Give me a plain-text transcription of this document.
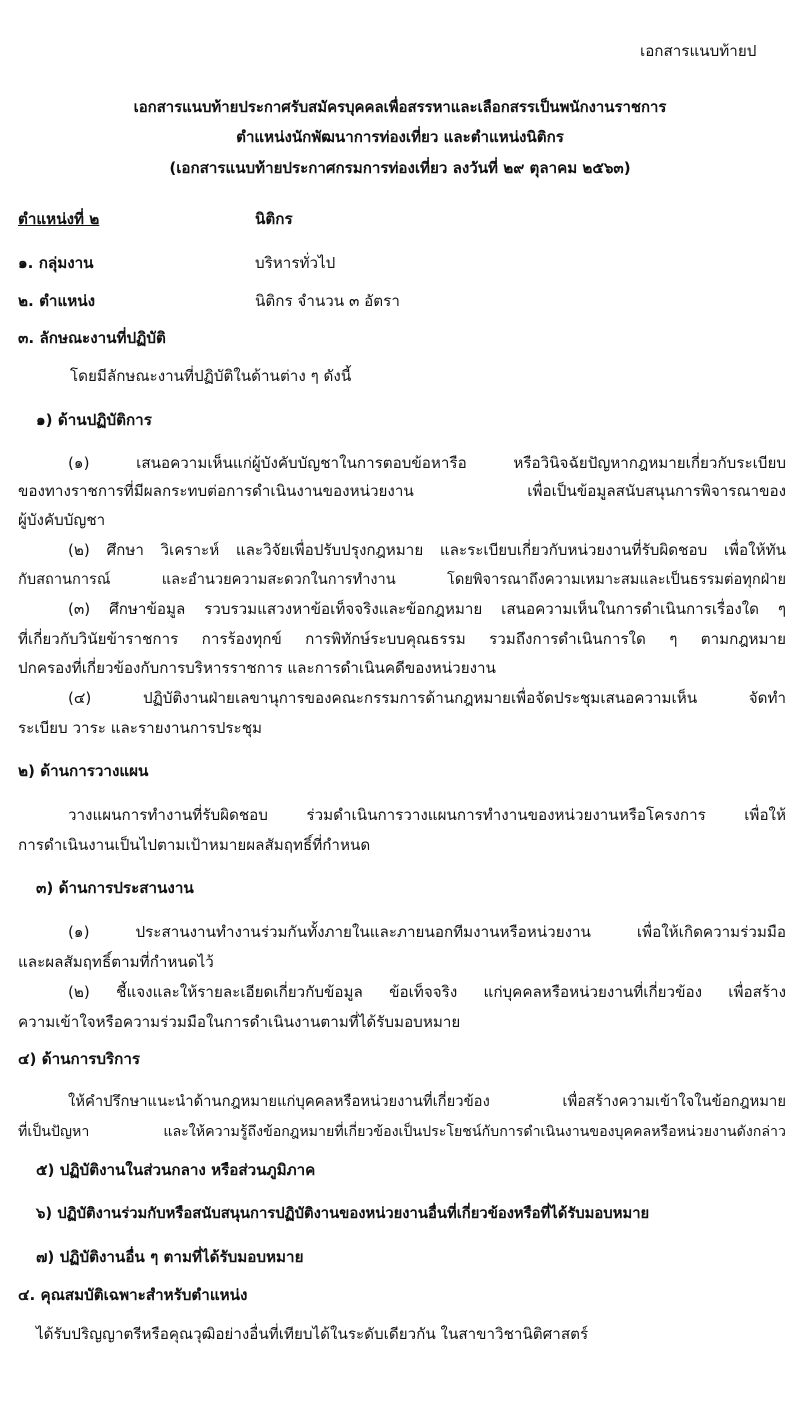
เอกสารแนบท้ายป
เอกสารแนบท้ายประกาศรับสมัครบุคคลเพื่อสรรหาและเลือกสรรเป็นพนักงานราชการ
ตำแหน่งนักพัฒนาการท่องเที่ยว และตำแหน่งนิติกร
(เอกสารแนบท้ายประกาศกรมการท่องเที่ยว ลงวันที่ ๒๙ ตุลาคม ๒๕๖๓)
ตำแหน่งที่ ๒	นิติกร
๑. กลุ่มงาน	บริหารทั่วไป
๒. ตำแหน่ง	นิติกร จำนวน ๓ อัตรา
๓. ลักษณะงานที่ปฏิบัติ
โดยมีลักษณะงานที่ปฏิบัติในด้านต่าง ๆ ดังนี้
๑) ด้านปฏิบัติการ
(๑) เสนอความเห็นแก่ผู้บังคับบัญชาในการตอบข้อหารือ หรือวินิจฉัยปัญหากฎหมายเกี่ยวกับระเบียบ
ของทางราชการที่มีผลกระทบต่อการดำเนินงานของหน่วยงาน เพื่อเป็นข้อมูลสนับสนุนการพิจารณาของ
ผู้บังคับบัญชา
(๒) ศึกษา วิเคราะห์ และวิจัยเพื่อปรับปรุงกฎหมาย และระเบียบเกี่ยวกับหน่วยงานที่รับผิดชอบ เพื่อให้ทัน
กับสถานการณ์ และอำนวยความสะดวกในการทำงาน โดยพิจารณาถึงความเหมาะสมและเป็นธรรมต่อทุกฝ่าย
(๓) ศึกษาข้อมูล รวบรวมแสวงหาข้อเท็จจริงและข้อกฎหมาย เสนอความเห็นในการดำเนินการเรื่องใด ๆ
ที่เกี่ยวกับวินัยข้าราชการ การร้องทุกข์ การพิทักษ์ระบบคุณธรรม รวมถึงการดำเนินการใด ๆ ตามกฎหมาย
ปกครองที่เกี่ยวข้องกับการบริหารราชการ และการดำเนินคดีของหน่วยงาน
(๔) ปฏิบัติงานฝ่ายเลขานุการของคณะกรรมการด้านกฎหมายเพื่อจัดประชุมเสนอความเห็น จัดทำ
ระเบียบ วาระ และรายงานการประชุม
๒) ด้านการวางแผน
วางแผนการทำงานที่รับผิดชอบ ร่วมดำเนินการวางแผนการทำงานของหน่วยงานหรือโครงการ เพื่อให้
การดำเนินงานเป็นไปตามเป้าหมายผลสัมฤทธิ์ที่กำหนด
๓) ด้านการประสานงาน
(๑) ประสานงานทำงานร่วมกันทั้งภายในและภายนอกทีมงานหรือหน่วยงาน เพื่อให้เกิดความร่วมมือ
และผลสัมฤทธิ์ตามที่กำหนดไว้
(๒) ชี้แจงและให้รายละเอียดเกี่ยวกับข้อมูล ข้อเท็จจริง แก่บุคคลหรือหน่วยงานที่เกี่ยวข้อง เพื่อสร้าง
ความเข้าใจหรือความร่วมมือในการดำเนินงานตามที่ได้รับมอบหมาย
๔) ด้านการบริการ
ให้คำปรึกษาแนะนำด้านกฎหมายแก่บุคคลหรือหน่วยงานที่เกี่ยวข้อง เพื่อสร้างความเข้าใจในข้อกฎหมาย
ที่เป็นปัญหา และให้ความรู้ถึงข้อกฎหมายที่เกี่ยวข้องเป็นประโยชน์กับการดำเนินงานของบุคคลหรือหน่วยงานดังกล่าว
๕) ปฏิบัติงานในส่วนกลาง หรือส่วนภูมิภาค
๖) ปฏิบัติงานร่วมกับหรือสนับสนุนการปฏิบัติงานของหน่วยงานอื่นที่เกี่ยวข้องหรือที่ได้รับมอบหมาย
๗) ปฏิบัติงานอื่น ๆ ตามที่ได้รับมอบหมาย
๔. คุณสมบัติเฉพาะสำหรับตำแหน่ง
ได้รับปริญญาตรีหรือคุณวุฒิอย่างอื่นที่เทียบได้ในระดับเดียวกัน ในสาขาวิชานิติศาสตร์
